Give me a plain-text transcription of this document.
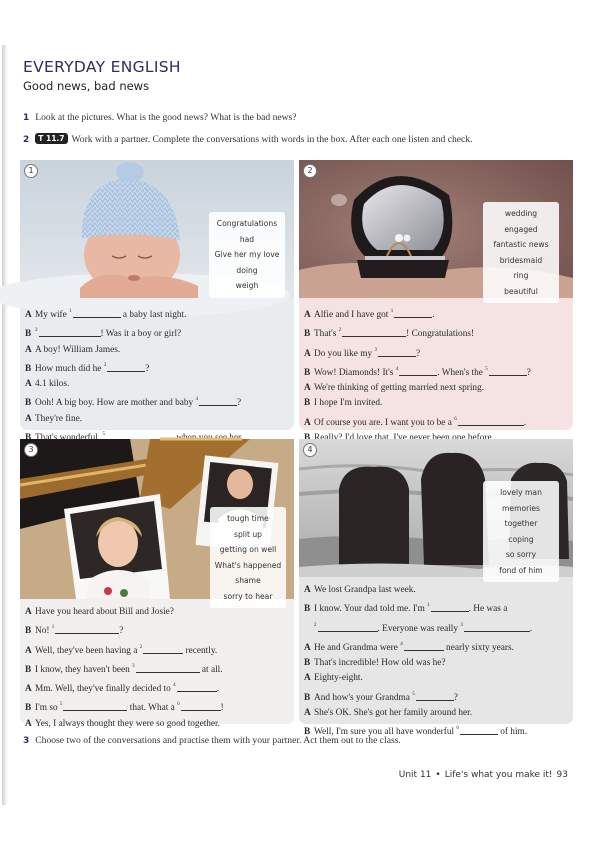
EVERYDAY ENGLISH
Good news, bad news
1 Look at the pictures. What is the good news? What is the bad news?
2 T 11.7 Work with a partner. Complete the conversations with words in the box. After each one listen and check.
1
Congratulations
had
Give her my love
doing
weigh
A My wife $^1$	a baby last night.
B $^2$	! Was it a boy or girl?
A A boy! William James.
B How much did he $^3$	?
A 4.1 kilos.
B Ooh! A big boy. How are mother and baby $^4$	?
A They're fine.
$^5$
2
wedding
engaged
fantastic news
bridesmaid
ring
beautiful
A Alfie and I have got $^1$	.
B That's $^2$	! Congratulations!
A Do you like my $^3$	?
B Wow! Diamonds! It's $^4$	. When's the $^5$	?
A We're thinking of getting married next spring.
B I hope I'm invited.
A Of course you are. I want you to be a $^6$	.
3
tough time
split up
getting on well
What's happened
shame
sorry to hear
A Have you heard about Bill and Josie?
B No! $^1$	?
A Well, they've been having a $^2$	recently.
B I know, they haven't been $^3$	at all.
A Mm. Well, they've finally decided to $^4$	.
B I'm so $^5$	that. What a $^6$	!
A Yes, I always thought they were so good together.
4
lovely man
memories
together
coping
so sorry
fond of him
A We lost Grandpa last week.
B I know. Your dad told me. I'm $^1$	. He was a
$^2$	. Everyone was really $^3$	.
A He and Grandma were $^4$	nearly sixty years.
B That's incredible! How old was he?
A Eighty-eight.
B And how's your Grandma $^5$	?
A She's OK. She's got her family around her.
B Well, I'm sure you all have wonderful $^6$	of him.
3 Choose two of the conversations and practise them with your partner. Act them out to the class.
Unit 11 • Life's what you make it! 93
